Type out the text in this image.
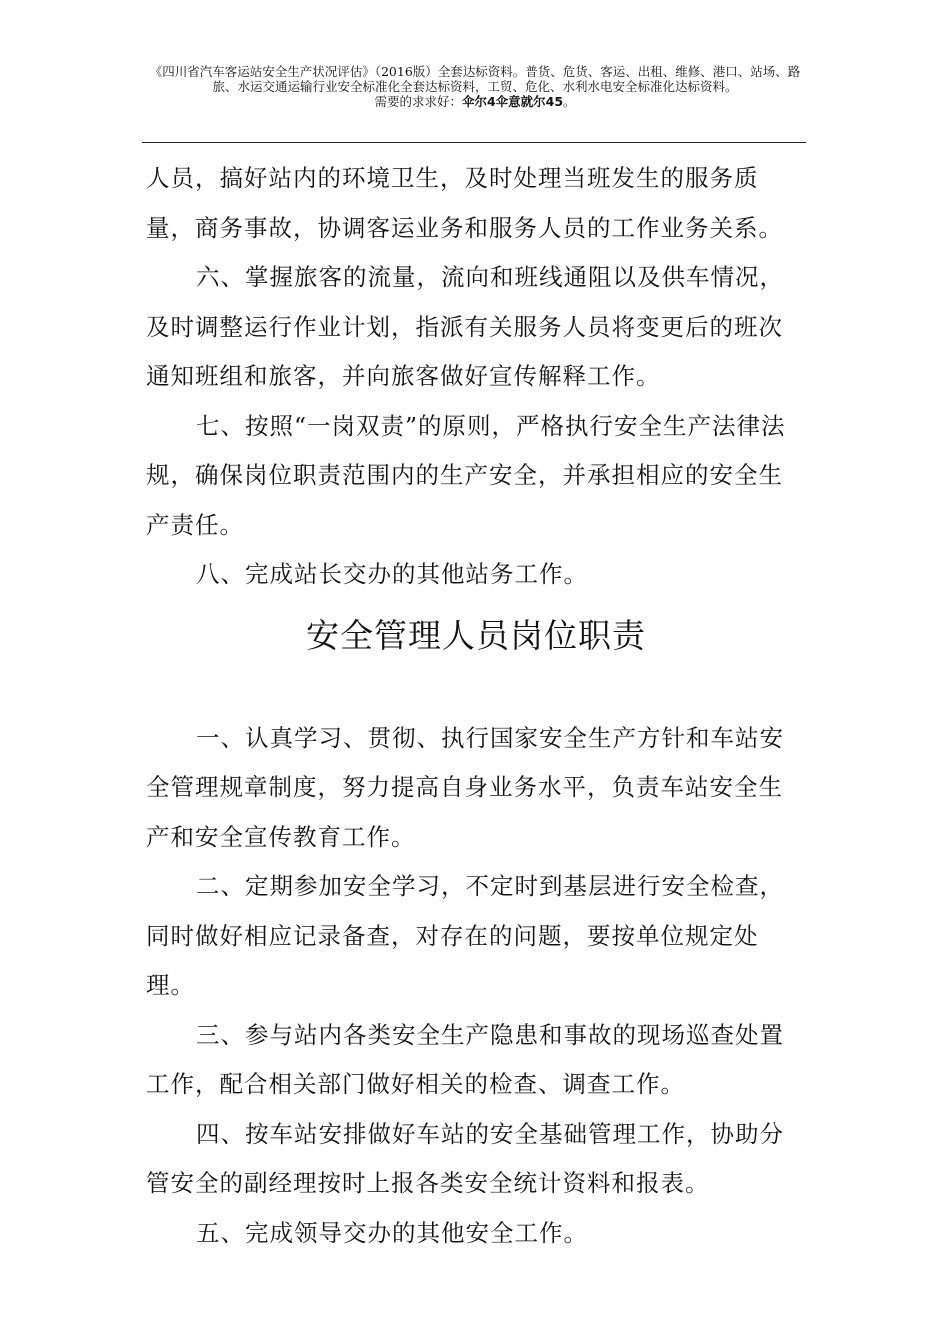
《四川省汽车客运站安全生产状况评估》（2016版）全套达标资料。普货、危货、客运、出租、维修、港口、站场、路旅、水运交通运输行业安全标准化全套达标资料，工贸、危化、水利水电安全标准化达标资料。
需要的求求好：伞尔4伞意就尔45。

人员，搞好站内的环境卫生，及时处理当班发生的服务质量，商务事故，协调客运业务和服务人员的工作业务关系。

六、掌握旅客的流量，流向和班线通阻以及供车情况，及时调整运行作业计划，指派有关服务人员将变更后的班次通知班组和旅客，并向旅客做好宣传解释工作。

七、按照“一岗双责”的原则，严格执行安全生产法律法规，确保岗位职责范围内的生产安全，并承担相应的安全生产责任。

八、完成站长交办的其他站务工作。

安全管理人员岗位职责

一、认真学习、贯彻、执行国家安全生产方针和车站安全管理规章制度，努力提高自身业务水平，负责车站安全生产和安全宣传教育工作。

二、定期参加安全学习，不定时到基层进行安全检查，同时做好相应记录备查，对存在的问题，要按单位规定处理。

三、参与站内各类安全生产隐患和事故的现场巡查处置工作，配合相关部门做好相关的检查、调查工作。

四、按车站安排做好车站的安全基础管理工作，协助分管安全的副经理按时上报各类安全统计资料和报表。

五、完成领导交办的其他安全工作。
